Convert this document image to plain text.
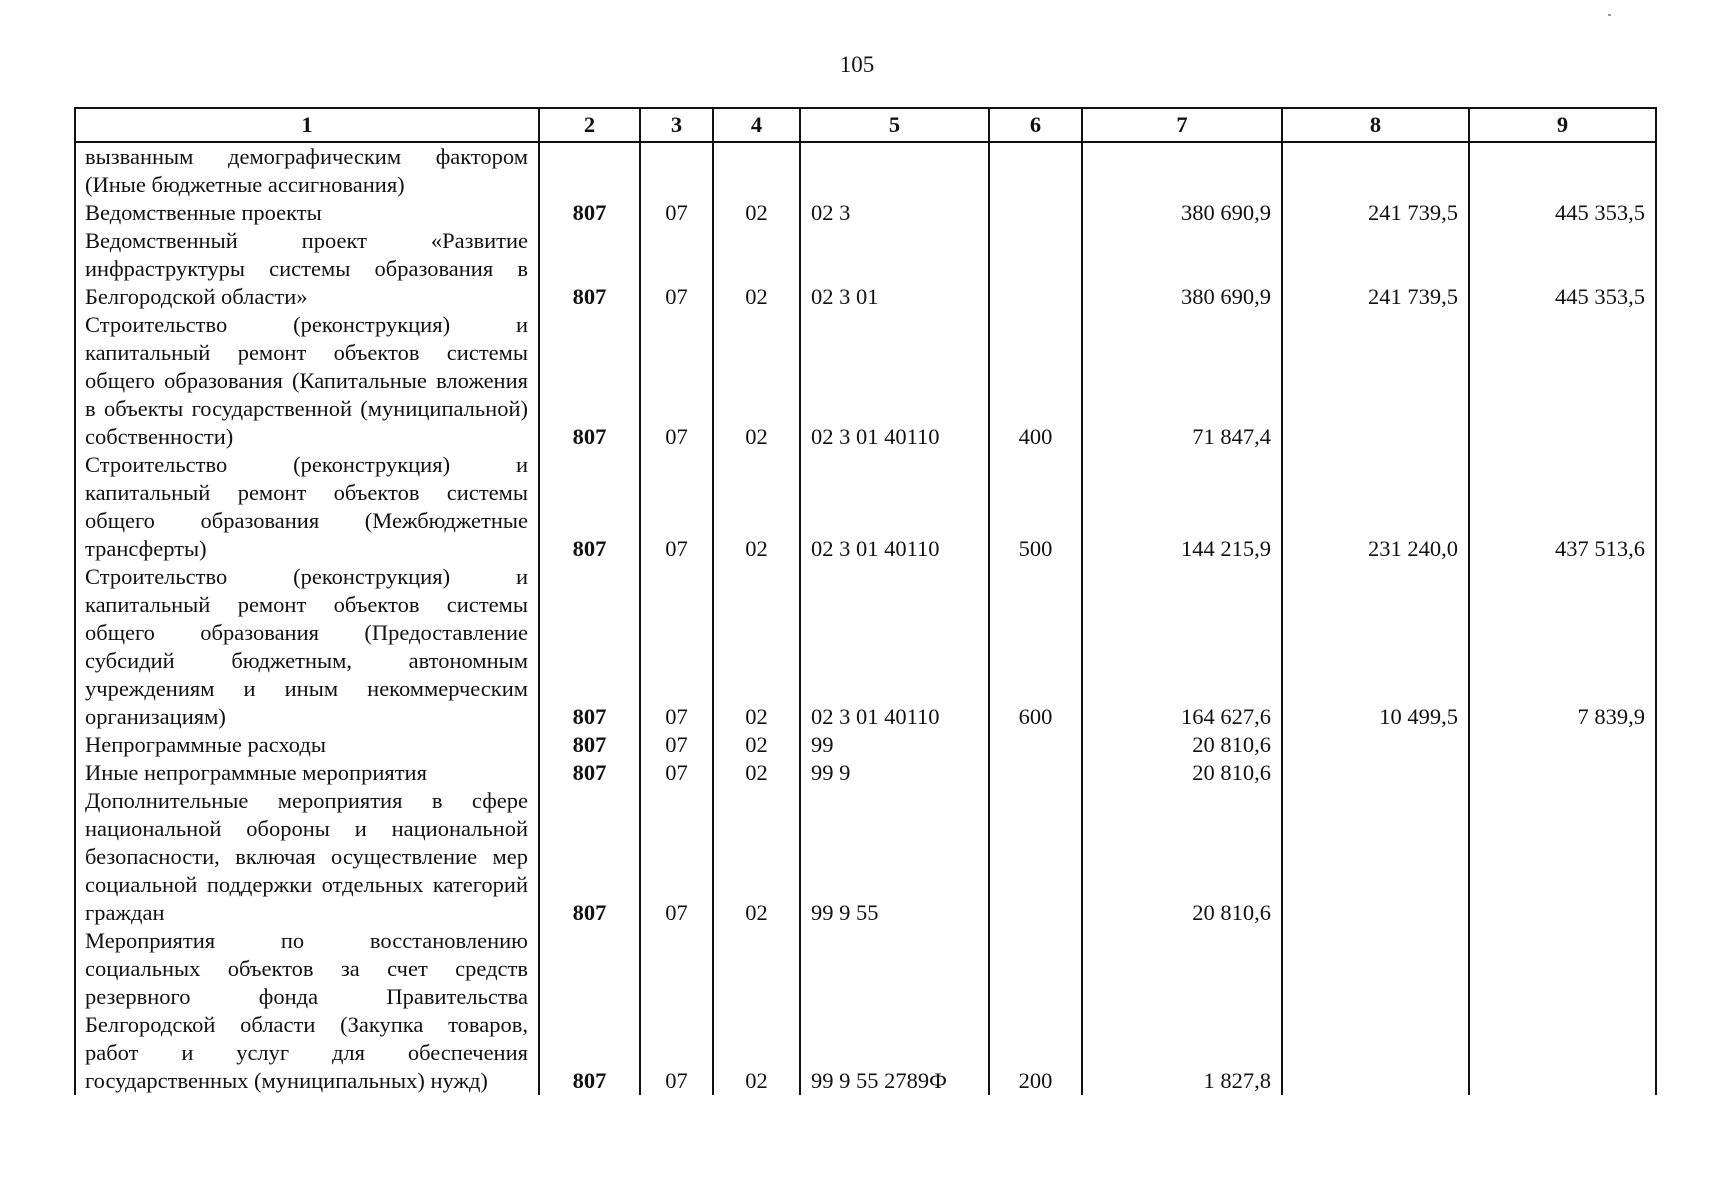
105
1	2	3	4	5	6	7	8	9
вызванным демографическим фактором (Иные бюджетные ассигнования)								
Ведомственные проекты	807	07	02	02 3		380 690,9	241 739,5	445 353,5
Ведомственный проект «Развитие инфраструктуры системы образования в Белгородской области»	807	07	02	02 3 01		380 690,9	241 739,5	445 353,5
Строительство (реконструкция) и капитальный ремонт объектов системы общего образования (Капитальные вложения в объекты государственной (муниципальной) собственности)	807	07	02	02 3 01 40110	400	71 847,4		
Строительство (реконструкция) и капитальный ремонт объектов системы общего образования (Межбюджетные трансферты)	807	07	02	02 3 01 40110	500	144 215,9	231 240,0	437 513,6
Строительство (реконструкция) и капитальный ремонт объектов системы общего образования (Предоставление субсидий бюджетным, автономным учреждениям и иным некоммерческим организациям)	807	07	02	02 3 01 40110	600	164 627,6	10 499,5	7 839,9
Непрограммные расходы	807	07	02	99		20 810,6		
Иные непрограммные мероприятия	807	07	02	99 9		20 810,6		
Дополнительные мероприятия в сфере национальной обороны и национальной безопасности, включая осуществление мер социальной поддержки отдельных категорий граждан	807	07	02	99 9 55		20 810,6		
Мероприятия по восстановлению социальных объектов за счет средств резервного фонда Правительства Белгородской области (Закупка товаров, работ и услуг для обеспечения государственных (муниципальных) нужд)	807	07	02	99 9 55 2789Ф	200	1 827,8		
